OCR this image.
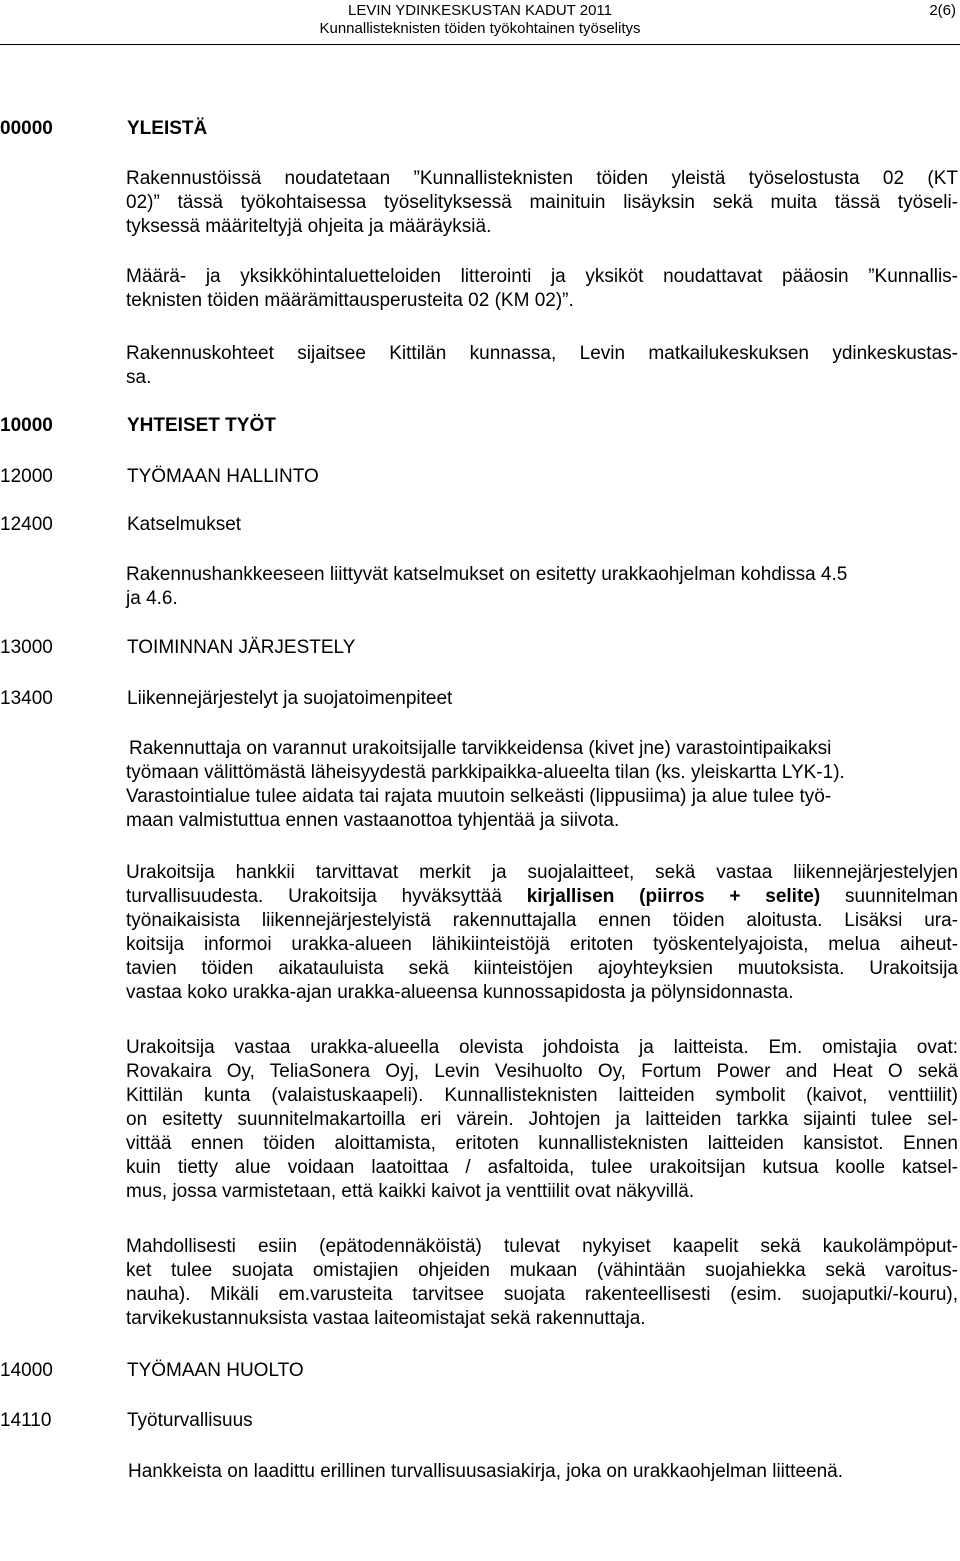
LEVIN YDINKESKUSTAN KADUT 2011
Kunnallisteknisten töiden työkohtainen työselitys
2(6)
00000	YLEISTÄ
Rakennustöissä noudatetaan ”Kunnallisteknisten töiden yleistä työselostusta 02 (KT
02)” tässä työkohtaisessa työselityksessä mainituin lisäyksin sekä muita tässä työseli-
tyksessä määriteltyjä ohjeita ja määräyksiä.
Määrä- ja yksikköhintaluetteloiden litterointi ja yksiköt noudattavat pääosin ”Kunnallis-
teknisten töiden määrämittausperusteita 02 (KM 02)”.
Rakennuskohteet sijaitsee Kittilän kunnassa, Levin matkailukeskuksen ydinkeskustas-
sa.
10000	YHTEISET TYÖT
12000	TYÖMAAN HALLINTO
12400	Katselmukset
Rakennushankkeeseen liittyvät katselmukset on esitetty urakkaohjelman kohdissa 4.5
ja 4.6.
13000	TOIMINNAN JÄRJESTELY
13400	Liikennejärjestelyt ja suojatoimenpiteet
Rakennuttaja on varannut urakoitsijalle tarvikkeidensa (kivet jne) varastointipaikaksi
työmaan välittömästä läheisyydestä parkkipaikka-alueelta tilan (ks. yleiskartta LYK-1).
Varastointialue tulee aidata tai rajata muutoin selkeästi (lippusiima) ja alue tulee työ-
maan valmistuttua ennen vastaanottoa tyhjentää ja siivota.
Urakoitsija hankkii tarvittavat merkit ja suojalaitteet, sekä vastaa liikennejärjestelyjen
turvallisuudesta. Urakoitsija hyväksyttää kirjallisen (piirros + selite) suunnitelman
työnaikaisista liikennejärjestelyistä rakennuttajalla ennen töiden aloitusta. Lisäksi ura-
koitsija informoi urakka-alueen lähikiinteistöjä eritoten työskentelyajoista, melua aiheut-
tavien töiden aikatauluista sekä kiinteistöjen ajoyhteyksien muutoksista. Urakoitsija
vastaa koko urakka-ajan urakka-alueensa kunnossapidosta ja pölynsidonnasta.
Urakoitsija vastaa urakka-alueella olevista johdoista ja laitteista. Em. omistajia ovat:
Rovakaira Oy, TeliaSonera Oyj, Levin Vesihuolto Oy, Fortum Power and Heat O sekä
Kittilän kunta (valaistuskaapeli). Kunnallisteknisten laitteiden symbolit (kaivot, venttiilit)
on esitetty suunnitelmakartoilla eri värein. Johtojen ja laitteiden tarkka sijainti tulee sel-
vittää ennen töiden aloittamista, eritoten kunnallisteknisten laitteiden kansistot. Ennen
kuin tietty alue voidaan laatoittaa / asfaltoida, tulee urakoitsijan kutsua koolle katsel-
mus, jossa varmistetaan, että kaikki kaivot ja venttiilit ovat näkyvillä.
Mahdollisesti esiin (epätodennäköistä) tulevat nykyiset kaapelit sekä kaukolämpöput-
ket tulee suojata omistajien ohjeiden mukaan (vähintään suojahiekka sekä varoitus-
nauha). Mikäli em.varusteita tarvitsee suojata rakenteellisesti (esim. suojaputki/-kouru),
tarvikekustannuksista vastaa laiteomistajat sekä rakennuttaja.
14000	TYÖMAAN HUOLTO
14110	Työturvallisuus
Hankkeista on laadittu erillinen turvallisuusasiakirja, joka on urakkaohjelman liitteenä.
